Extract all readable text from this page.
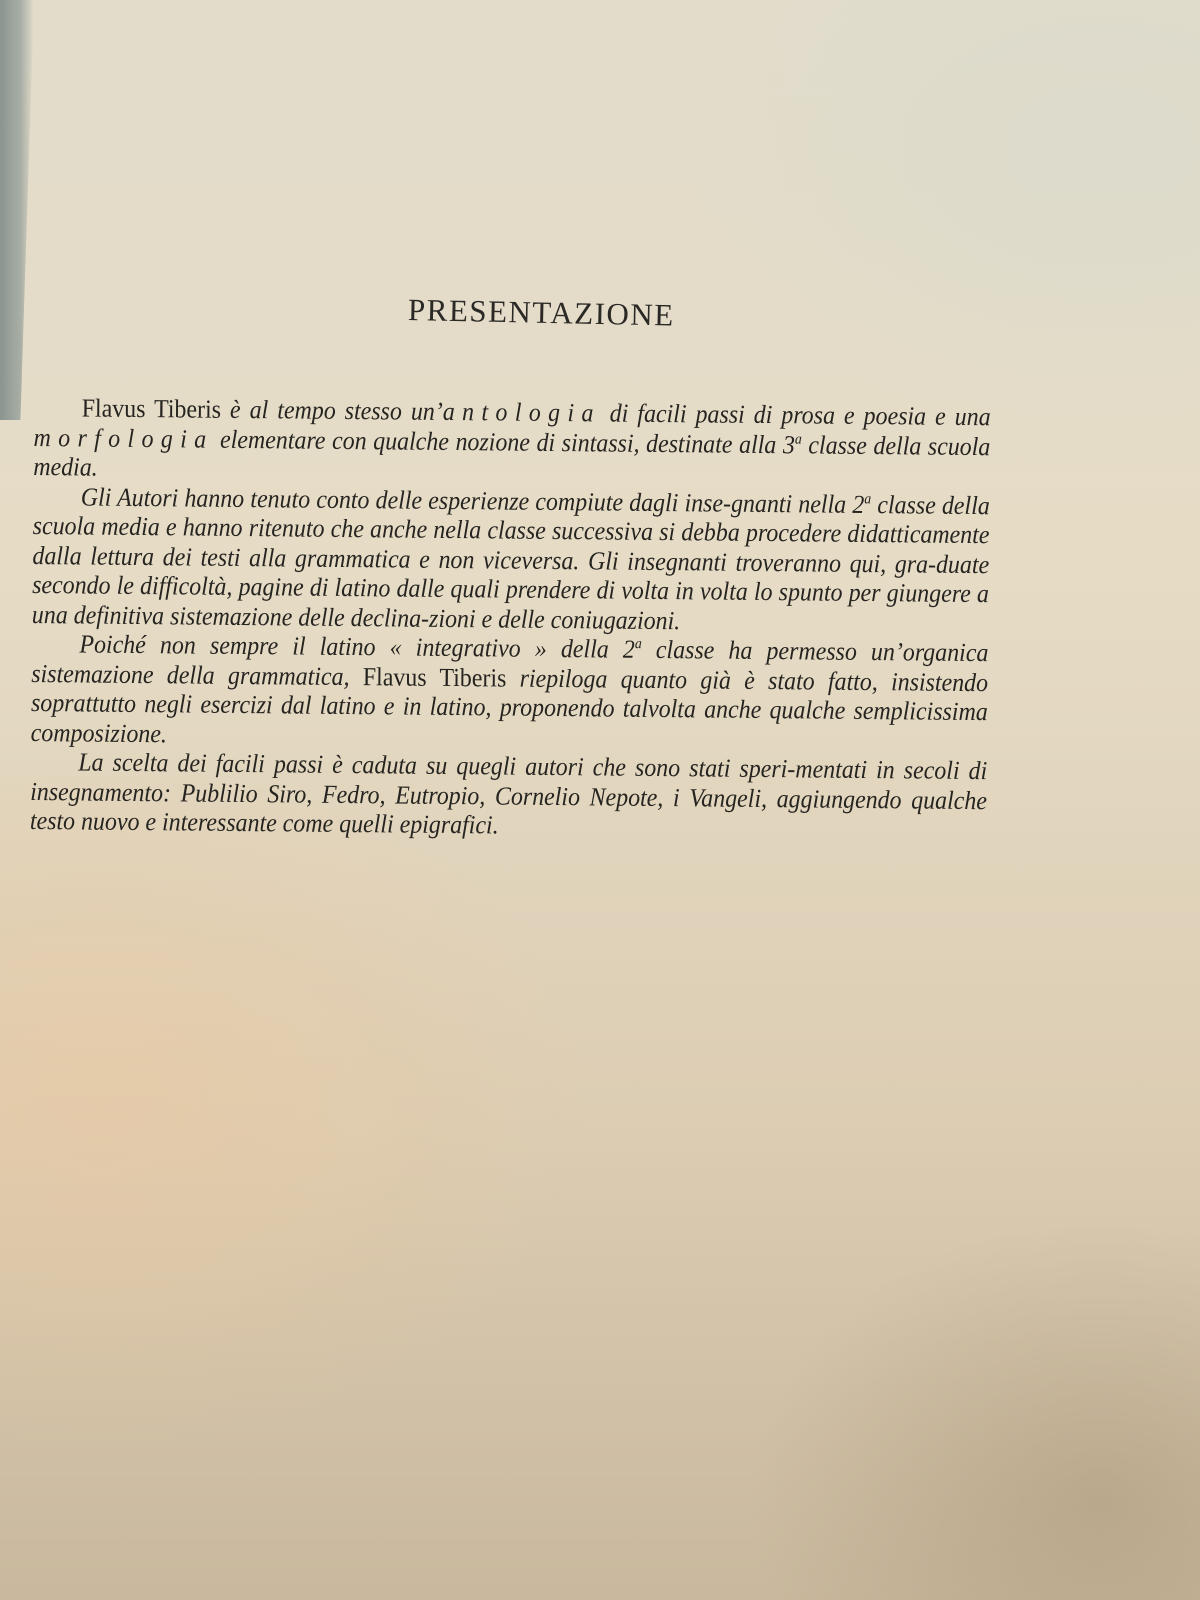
PRESENTAZIONE

Flavus Tiberis è al tempo stesso un’antologia di facili passi di prosa e poesia e una morfologia elementare con qualche nozione di sintassi, destinate alla 3$^a$ classe della scuola media.

Gli Autori hanno tenuto conto delle esperienze compiute dagli inse-gnanti nella 2$^a$ classe della scuola media e hanno ritenuto che anche nella classe successiva si debba procedere didatticamente dalla lettura dei testi alla grammatica e non viceversa. Gli insegnanti troveranno qui, gra-duate secondo le difficoltà, pagine di latino dalle quali prendere di volta in volta lo spunto per giungere a una definitiva sistemazione delle declina-zioni e delle coniugazioni.

Poiché non sempre il latino « integrativo » della 2$^a$ classe ha permesso un’organica sistemazione della grammatica, Flavus Tiberis riepiloga quanto già è stato fatto, insistendo soprattutto negli esercizi dal latino e in latino, proponendo talvolta anche qualche semplicissima composizione.

La scelta dei facili passi è caduta su quegli autori che sono stati speri-mentati in secoli di insegnamento: Publilio Siro, Fedro, Eutropio, Cornelio Nepote, i Vangeli, aggiungendo qualche testo nuovo e interessante come quelli epigrafici.
